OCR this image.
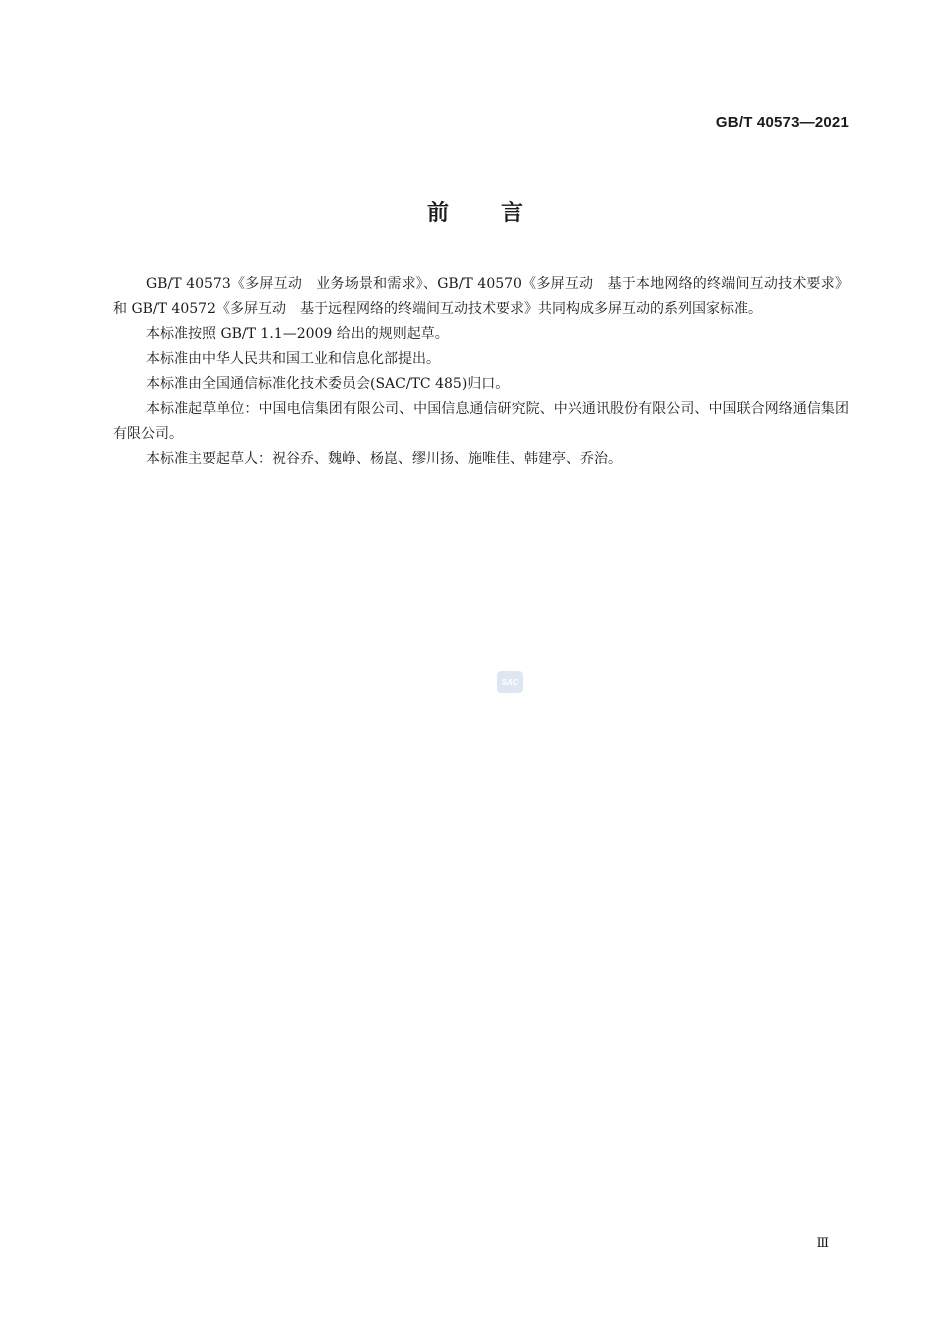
GB/T 40573—2021
前 言

GB/T 40573《多屏互动　业务场景和需求》、GB/T 40570《多屏互动　基于本地网络的终端间互动技术要求》和 GB/T 40572《多屏互动　基于远程网络的终端间互动技术要求》共同构成多屏互动的系列国家标准。

本标准按照 GB/T 1.1—2009 给出的规则起草。

本标准由中华人民共和国工业和信息化部提出。

本标准由全国通信标准化技术委员会(SAC/TC 485)归口。

本标准起草单位：中国电信集团有限公司、中国信息通信研究院、中兴通讯股份有限公司、中国联合网络通信集团有限公司。

本标准主要起草人：祝谷乔、魏峥、杨崑、缪川扬、施唯佳、韩建亭、乔治。

SAC
Ⅲ
